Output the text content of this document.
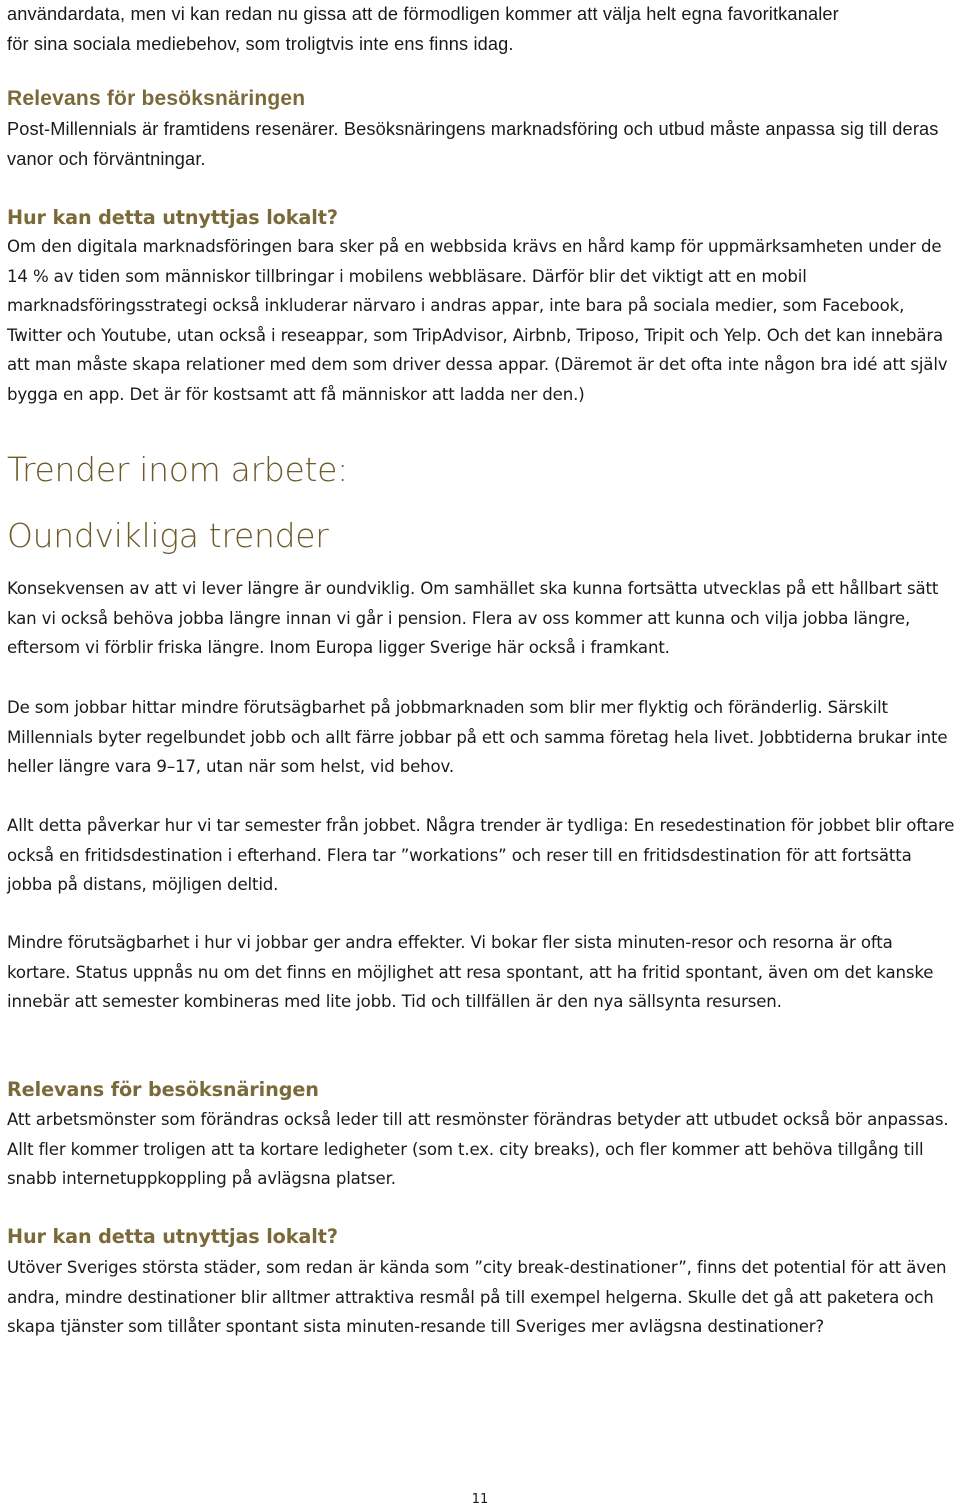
användardata, men vi kan redan nu gissa att de förmodligen kommer att välja helt egna favoritkanaler

för sina sociala mediebehov, som troligtvis inte ens finns idag.

Relevans för besöksnäringen

Post-Millennials är framtidens resenärer. Besöksnäringens marknadsföring och utbud måste anpassa sig till deras vanor och förväntningar.

Hur kan detta utnyttjas lokalt?

Om den digitala marknadsföringen bara sker på en webbsida krävs en hård kamp för uppmärksamheten under de 14 % av tiden som människor tillbringar i mobilens webbläsare. Därför blir det viktigt att en mobil marknadsföringsstrategi också inkluderar närvaro i andras appar, inte bara på sociala medier, som Facebook, Twitter och Youtube, utan också i reseappar, som TripAdvisor, Airbnb, Triposo, Tripit och Yelp. Och det kan innebära att man måste skapa relationer med dem som driver dessa appar. (Däremot är det ofta inte någon bra idé att själv bygga en app. Det är för kostsamt att få människor att ladda ner den.)

Trender inom arbete:
Oundvikliga trender

Konsekvensen av att vi lever längre är oundviklig. Om samhället ska kunna fortsätta utvecklas på ett hållbart sätt kan vi också behöva jobba längre innan vi går i pension. Flera av oss kommer att kunna och vilja jobba längre, eftersom vi förblir friska längre. Inom Europa ligger Sverige här också i framkant.

De som jobbar hittar mindre förutsägbarhet på jobbmarknaden som blir mer flyktig och föränderlig. Särskilt Millennials byter regelbundet jobb och allt färre jobbar på ett och samma företag hela livet. Jobbtiderna brukar inte heller längre vara 9–17, utan när som helst, vid behov.

Allt detta påverkar hur vi tar semester från jobbet. Några trender är tydliga: En resedestination för jobbet blir oftare också en fritidsdestination i efterhand. Flera tar ”workations” och reser till en fritidsdestination för att fortsätta jobba på distans, möjligen deltid.

Mindre förutsägbarhet i hur vi jobbar ger andra effekter. Vi bokar fler sista minuten-resor och resorna är ofta kortare. Status uppnås nu om det finns en möjlighet att resa spontant, att ha fritid spontant, även om det kanske innebär att semester kombineras med lite jobb. Tid och tillfällen är den nya sällsynta resursen.

Relevans för besöksnäringen

Att arbetsmönster som förändras också leder till att resmönster förändras betyder att utbudet också bör anpassas. Allt fler kommer troligen att ta kortare ledigheter (som t.ex. city breaks), och fler kommer att behöva tillgång till snabb internetuppkoppling på avlägsna platser.

Hur kan detta utnyttjas lokalt?

Utöver Sveriges största städer, som redan är kända som ”city break-destinationer”, finns det potential för att även andra, mindre destinationer blir alltmer attraktiva resmål på till exempel helgerna. Skulle det gå att paketera och skapa tjänster som tillåter spontant sista minuten-resande till Sveriges mer avlägsna destinationer?

11
